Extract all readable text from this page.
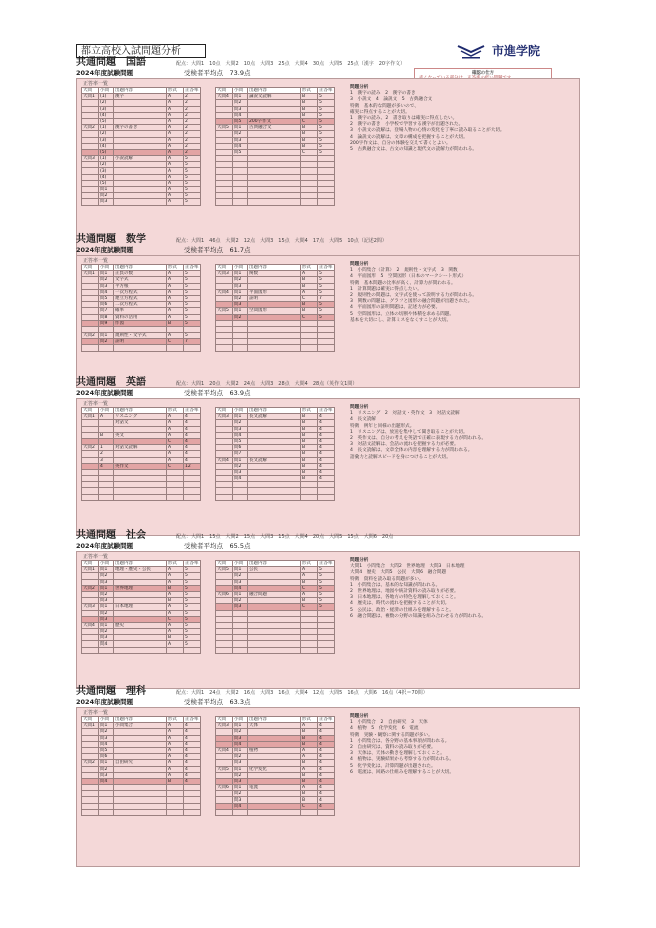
都立高校入試問題分析	市進学院
確認の仕方
共通問題　国語	配点：大問1　10点　大問2　10点　大問3　25点　大問4　30点　大問5　25点（漢字　20字作文）
2024年度試験問題	受検者平均点　73.9点
正答率一覧
大問	小問	出題内容	形式	正答率
大問1	(1)	漢字	A	2
	(2)		A	2
	(3)		A	2
	(4)		A	2
	(5)		A	2
大問2	(1)	漢字の書き	A	2
	(2)		A	2
	(3)		A	2
	(4)		A	2
	(5)		A	2
大問3	(1)	小説読解	A	5
	(2)		A	5
	(3)		A	5
	(4)		A	5
	(5)		A	5
	問1		A	5
	問2		A	5
	問3		A	5
大問	小問	出題内容	形式	正答率
大問4	問1	論説文読解	B	5
	問2		B	5
	問3		B	5
	問4		B	5
	問5	200字作文	C	5
大問5	問1	古典融合文	B	5
	問2		B	5
	問3		B	5
	問4		B	5
	問5		C	5

問題分析

1　漢字の読み　2　漢字の書き

3　小説文　4　論説文　5　古典融合文

特徴　基本的な問題が多いので、

確実に得点することが大切。

1　漢字の読み、2　書き取りは確実に得点したい。

2　漢字の書き　小学校で学習する漢字が出題された。

3　小説文の読解は、登場人物の心情の変化を丁寧に読み取ることが大切。

4　論説文の読解は、文章の構成を把握することが大切。

200字作文は、自分の体験を交えて書くとよい。

5　古典融合文は、古文の知識と現代文の読解力が問われる。

共通問題　数学	配点：大問1　46点　大問2　12点　大問3　15点　大問4　17点　大問5　10点（記述2問）
2024年度試験問題	受検者平均点　61.7点
正答率一覧
大問	小問	出題内容	形式	正答率
大問1	問1	正負の数	A	5
	問2	文字式	A	5
	問3	平方根	A	5
	問4	一次方程式	A	5
	問5	連立方程式	A	5
	問6	二次方程式	A	5
	問7	確率	A	5
	問8	資料の活用	A	5
	問9	作図	B	5

大問2	問1	規則性・文字式	A	5
	問2	証明	C	7

大問	小問	出題内容	形式	正答率
大問3	問1	関数	A	5
	問2		B	5
	問3		B	5
大問4	問1	平面図形	A	5
	問2	証明	C	7
	問3		B	5
大問5	問1	空間図形	B	5
	問2		C	5

問題分析

1　小問集合（計算）　2　規則性・文字式　3　関数

4　平面図形　5　空間図形（日本のマークシート形式）

特徴　基本問題の比率が高く、計算力が問われる。

1　計算問題は確実に得点したい。

2　規則性の問題は、文字式を使って説明する力が問われる。

3　関数の問題は、グラフと図形の融合問題が出題された。

4　平面図形の証明問題は、記述力が必要。

5　空間図形は、立体の切断や体積を求める問題。

基本を大切にし、計算ミスをなくすことが大切。

共通問題　英語	配点：大問1　20点　大問2　24点　大問3　28点　大問4　28点（英作文1問）
2024年度試験問題	受検者平均点　63.9点
正答率一覧
大問	小問	出題内容	形式	正答率
大問1	A	リスニング	A	4
		対話文	A	4
			A	4
	B	英文	A	4
			C	4
大問2	1	対話文読解	A	4
	2		A	4
	3		A	4
	4	英作文	C	12

大問	小問	出題内容	形式	正答率
大問3	問1	長文読解	B	4
	問2		B	4
	問3		B	4
	問4		B	4
	問5		B	4
	問6		B	4
	問7		B	4
大問4	問1	長文読解	B	4
	問2		B	4
	問3		B	4
	問4		B	4

問題分析

1　リスニング　2　対話文・英作文　3　対話文読解

4　長文読解

特徴　例年と同様の出題形式。

1　リスニングは、放送を集中して聞き取ることが大切。

2　英作文は、自分の考えを英語で正確に表現する力が問われる。

3　対話文読解は、会話の流れを把握する力が必要。

4　長文読解は、文章全体の内容を理解する力が問われる。

語彙力と読解スピードを身につけることが大切。

共通問題　社会	配点：大問1　15点　大問2　15点　大問3　15点　大問4　20点　大問5　15点　大問6　20点
2024年度試験問題	受検者平均点　65.5点
正答率一覧
大問	小問	出題内容	形式	正答率
大問1	問1	地理・歴史・公民	A	5
	問2		A	5
	問3		A	5
大問2	問1	世界地理	B	5
	問2		A	5
	問3		B	5
大問3	問1	日本地理	A	5
	問2		A	5
	問3		C	5
大問4	問1	歴史	A	5
	問2		A	5
	問3		B	5
	問4		A	5

大問	小問	出題内容	形式	正答率
大問5	問1	公民	A	5
	問2		A	5
	問3		B	5
	問4		C	5
大問6	問1	融合問題	A	5
	問2		B	5
	問3		C	5

問題分析

大問1　小問集合　大問2　世界地理　大問3　日本地理

大問4　歴史　大問5　公民　大問6　融合問題

特徴　資料を読み取る問題が多い。

1　小問集合は、基本的な知識が問われる。

2　世界地理は、地図や統計資料の読み取りが必要。

3　日本地理は、各地方の特色を理解しておくこと。

4　歴史は、時代の流れを把握することが大切。

5　公民は、政治・経済の仕組みを理解すること。

6　融合問題は、複数の分野の知識を組み合わせる力が問われる。

共通問題　理科	配点：大問1　24点　大問2　16点　大問3　16点　大問4　12点　大問5　16点　大問6　16点（4択＝70問）
2024年度試験問題	受検者平均点　63.3点
正答率一覧
大問	小問	出題内容	形式	正答率
大問1	問1	小問集合	A	4
	問2		A	4
	問3		A	4
	問4		A	4
	問5		A	4
	問6		A	4
大問2	問1	自由研究	A	4
	問2		A	4
	問3		A	4
	問4		B	4

大問	小問	出題内容	形式	正答率
大問3	問1	天体	A	4
	問2		B	4
	問3		B	4
	問4		B	4
大問4	問1	植物	A	4
	問2		A	4
	問3		B	4
大問5	問1	化学変化	A	4
	問2		B	4
	問3		B	4
大問6	問1	電流	A	4
	問2		B	4
	問3		B	4
	問4		C	4

問題分析

1　小問集合　2　自由研究　3　天体

4　植物　5　化学変化　6　電流

特徴　実験・観察に関する問題が多い。

1　小問集合は、各分野の基本事項が問われる。

2　自由研究は、資料の読み取りが必要。

3　天体は、天体の動きを理解しておくこと。

4　植物は、実験結果から考察する力が問われる。

5　化学変化は、計算問題が出題された。

6　電流は、回路の仕組みを理解することが大切。
